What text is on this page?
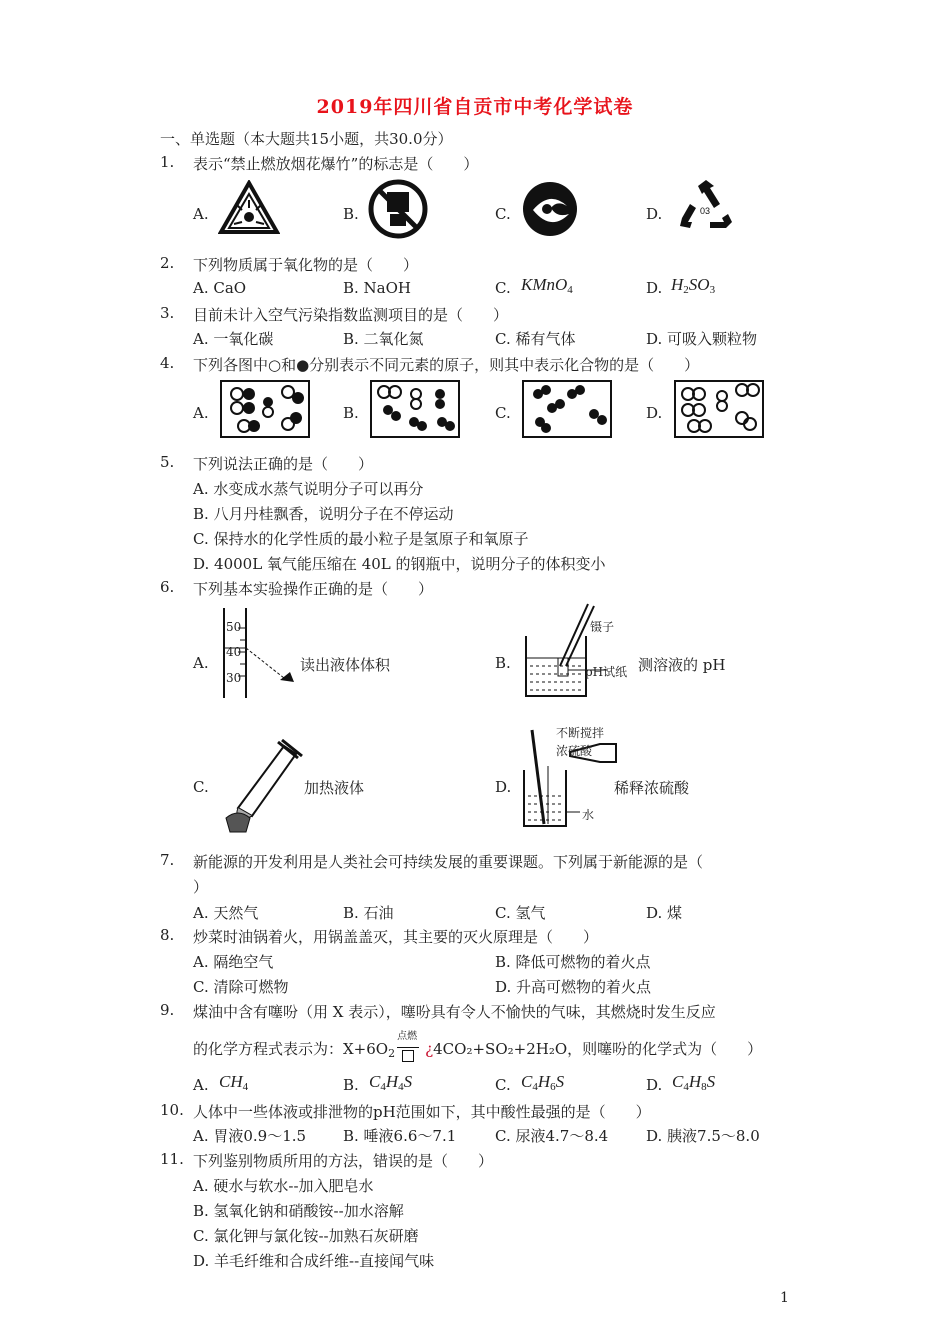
2019年四川省自贡市中考化学试卷
一、单选题（本大题共15小题，共30.0分）
1. 表示“禁止燃放烟花爆竹”的标志是（　　）
A.	B.	C.	D.	03
2. 下列物质属于氧化物的是（　　）
A. CaO	B. NaOH	C. KMnO$_4$	D. $H_2SO_3$
3. 目前未计入空气污染指数监测项目的是（　　）
A. 一氧化碳	B. 二氧化氮	C. 稀有气体	D. 可吸入颗粒物
4. 下列各图中○和●分别表示不同元素的原子，则其中表示化合物的是（　　）
A.	B.	C.	D.
5. 下列说法正确的是（　　）
A. 水变成水蒸气说明分子可以再分
B. 八月丹桂飘香，说明分子在不停运动
C. 保持水的化学性质的最小粒子是氢原子和氧原子
D. 4000L 氧气能压缩在 40L 的钢瓶中，说明分子的体积变小
6. 下列基本实验操作正确的是（　　）
A.	B.
C.	D.
读出液体体积	测溶液的 pH
加热液体	稀释浓硫酸
50
40
30
镊子
pH试纸
不断搅拌
浓硫酸
水
7. 新能源的开发利用是人类社会可持续发展的重要课题。下列属于新能源的是（
）
A. 天然气	B. 石油	C. 氢气	D. 煤
8. 炒菜时油锅着火，用锅盖盖灭，其主要的灭火原理是（　　）
A. 隔绝空气	B. 降低可燃物的着火点
C. 清除可燃物	D. 升高可燃物的着火点
9. 煤油中含有噻吩（用 X 表示），噻吩具有令人不愉快的气味，其燃烧时发生反应
的化学方程式表示为：$X+6O_2$
点燃
¿4CO₂+SO₂+2H₂O，则噻吩的化学式为（　　）
A. $CH_4$	B. $C_4H_4S$	C. $C_4H_6S$	D. $C_4H_8S$
10. 人体中一些体液或排泄物的pH范围如下，其中酸性最强的是（　　）
A. 胃液0.9～1.5 B. 唾液6.6～7.1	C. 尿液4.7～8.4	D. 胰液7.5～8.0
11. 下列鉴别物质所用的方法，错误的是（　　）
A. 硬水与软水--加入肥皂水
B. 氢氧化钠和硝酸铵--加水溶解
C. 氯化钾与氯化铵--加熟石灰研磨
D. 羊毛纤维和合成纤维--直接闻气味
1
